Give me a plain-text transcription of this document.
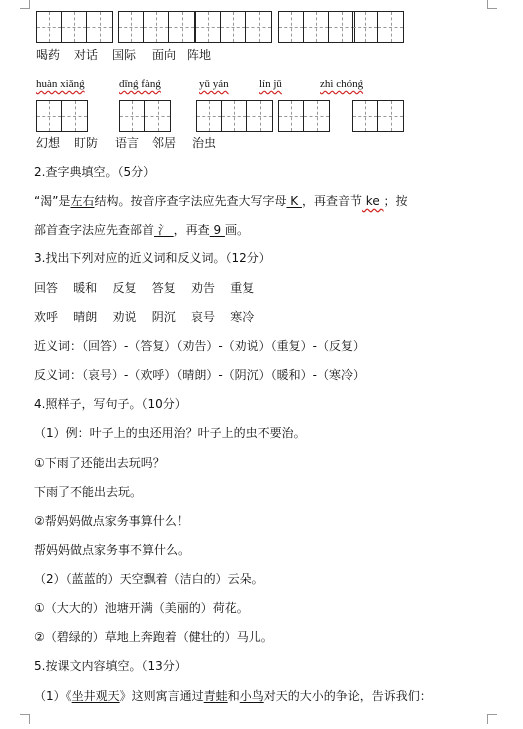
喝药 对话 国际 面向 阵地
huàn xiǎnǵ	dīnǵ fànǵ	yǔ yán	lín jū	zhì chónǵ
幻想 盯防 语言 邻居 治虫
2.查字典填空。（5分）
“渴”是左右结构。按音序查字法应先查大写字母 K ，再查音节 ke ；按
部首查字法应先查部首 氵 ，再查 9 画。
3.找出下列对应的近义词和反义词。（12分）
回答    暖和    反复    答复    劝告    重复
欢呼    晴朗    劝说    阴沉    哀号    寒冷
近义词：（回答）-（答复）（劝告）-（劝说）（重复）-（反复）
反义词：（哀号）-（欢呼）（晴朗）-（阴沉）（暖和）-（寒冷）
4.照样子，写句子。（10分）
（1）例：叶子上的虫还用治？叶子上的虫不要治。
①下雨了还能出去玩吗？
下雨了不能出去玩。
②帮妈妈做点家务事算什么！
帮妈妈做点家务事不算什么。
（2）（蓝蓝的）天空飘着（洁白的）云朵。
①（大大的）池塘开满（美丽的）荷花。
②（碧绿的）草地上奔跑着（健壮的）马儿。
5.按课文内容填空。（13分）
（1）《坐井观天》这则寓言通过青蛙和小鸟对天的大小的争论，告诉我们：
